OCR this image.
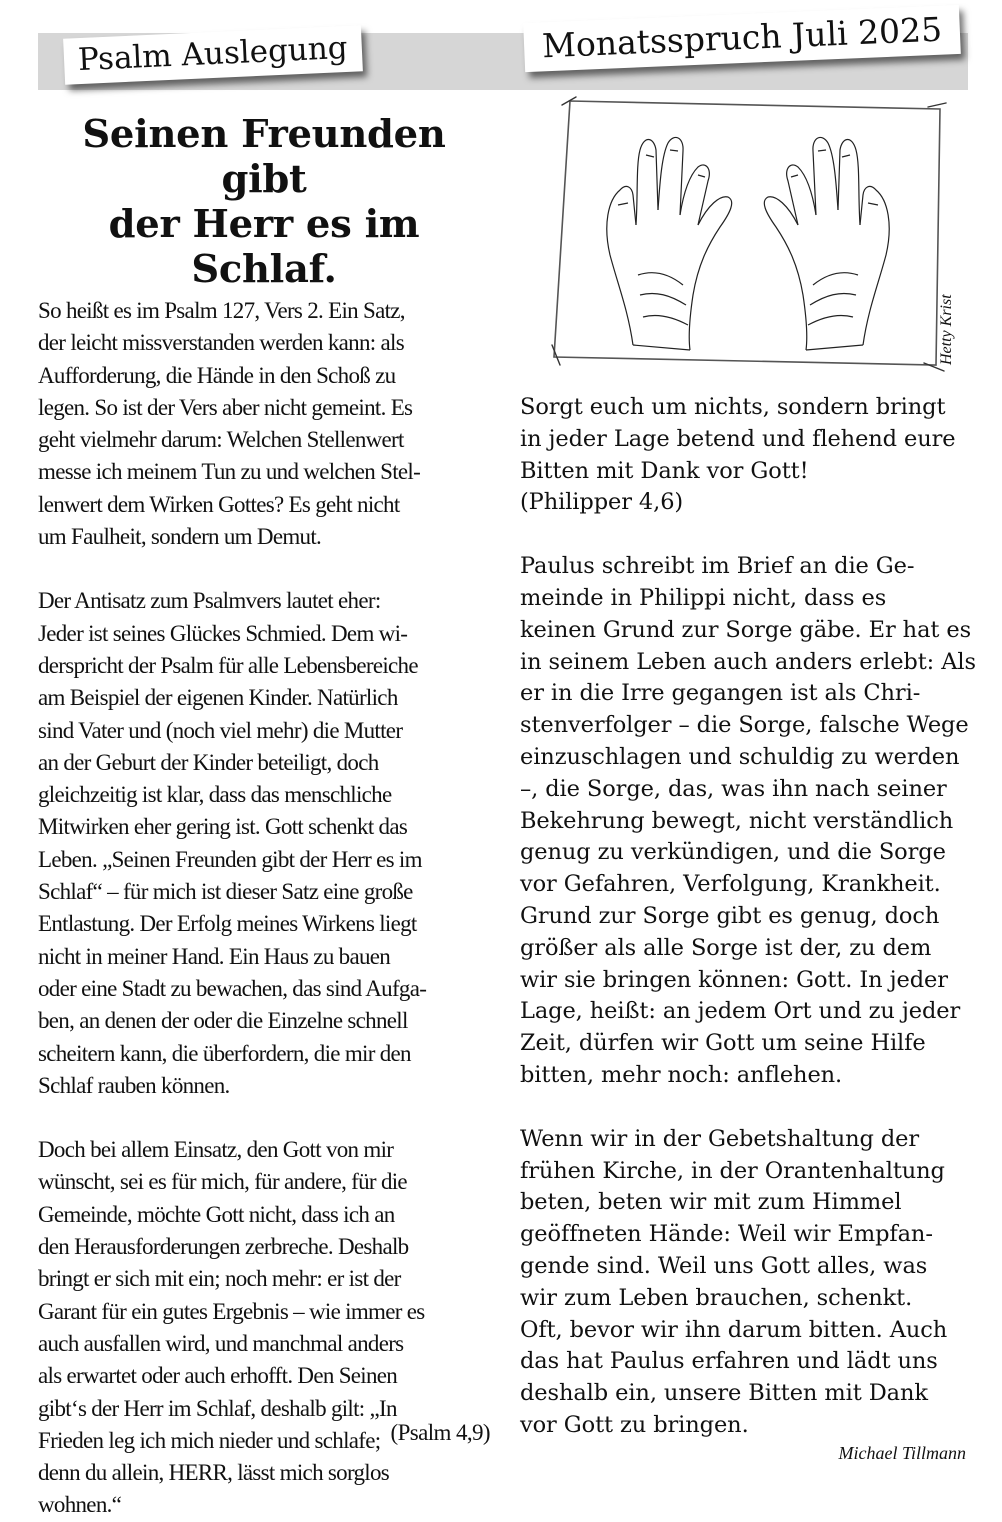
Psalm Auslegung	Monatsspruch Juli 2025
Seinen Freunden gibt
der Herr es im Schlaf.

So heißt es im Psalm 127, Vers 2. Ein Satz,

der leicht missverstanden werden kann: als

Aufforderung, die Hände in den Schoß zu

legen. So ist der Vers aber nicht gemeint. Es

geht vielmehr darum: Welchen Stellenwert

messe ich meinem Tun zu und welchen Stel-

lenwert dem Wirken Gottes? Es geht nicht

um Faulheit, sondern um Demut.

Der Antisatz zum Psalmvers lautet eher:

Jeder ist seines Glückes Schmied. Dem wi-

derspricht der Psalm für alle Lebensbereiche

am Beispiel der eigenen Kinder. Natürlich

sind Vater und (noch viel mehr) die Mutter

an der Geburt der Kinder beteiligt, doch

gleichzeitig ist klar, dass das menschliche

Mitwirken eher gering ist. Gott schenkt das

Leben. „Seinen Freunden gibt der Herr es im

Schlaf“ – für mich ist dieser Satz eine große

Entlastung. Der Erfolg meines Wirkens liegt

nicht in meiner Hand. Ein Haus zu bauen

oder eine Stadt zu bewachen, das sind Aufga-

ben, an denen der oder die Einzelne schnell

scheitern kann, die überfordern, die mir den

Schlaf rauben können.

Doch bei allem Einsatz, den Gott von mir

wünscht, sei es für mich, für andere, für die

Gemeinde, möchte Gott nicht, dass ich an

den Herausforderungen zerbreche. Deshalb

bringt er sich mit ein; noch mehr: er ist der

Garant für ein gutes Ergebnis – wie immer es

auch ausfallen wird, und manchmal anders

als erwartet oder auch erhofft. Den Seinen

gibt‘s der Herr im Schlaf, deshalb gilt: „In

Frieden leg ich mich nieder und schlafe;

denn du allein, HERR, lässt mich sorglos

wohnen.“

(Psalm 4,9)
Hetty Krist

Sorgt euch um nichts, sondern bringt

in jeder Lage betend und flehend eure

Bitten mit Dank vor Gott!

(Philipper 4,6)

Paulus schreibt im Brief an die Ge-

meinde in Philippi nicht, dass es

keinen Grund zur Sorge gäbe. Er hat es

in seinem Leben auch anders erlebt: Als

er in die Irre gegangen ist als Chri-

stenverfolger – die Sorge, falsche Wege

einzuschlagen und schuldig zu werden

–, die Sorge, das, was ihn nach seiner

Bekehrung bewegt, nicht verständlich

genug zu verkündigen, und die Sorge

vor Gefahren, Verfolgung, Krankheit.

Grund zur Sorge gibt es genug, doch

größer als alle Sorge ist der, zu dem

wir sie bringen können: Gott. In jeder

Lage, heißt: an jedem Ort und zu jeder

Zeit, dürfen wir Gott um seine Hilfe

bitten, mehr noch: anflehen.

Wenn wir in der Gebetshaltung der

frühen Kirche, in der Orantenhaltung

beten, beten wir mit zum Himmel

geöffneten Hände: Weil wir Empfan-

gende sind. Weil uns Gott alles, was

wir zum Leben brauchen, schenkt.

Oft, bevor wir ihn darum bitten. Auch

das hat Paulus erfahren und lädt uns

deshalb ein, unsere Bitten mit Dank

vor Gott zu bringen.

Michael Tillmann
